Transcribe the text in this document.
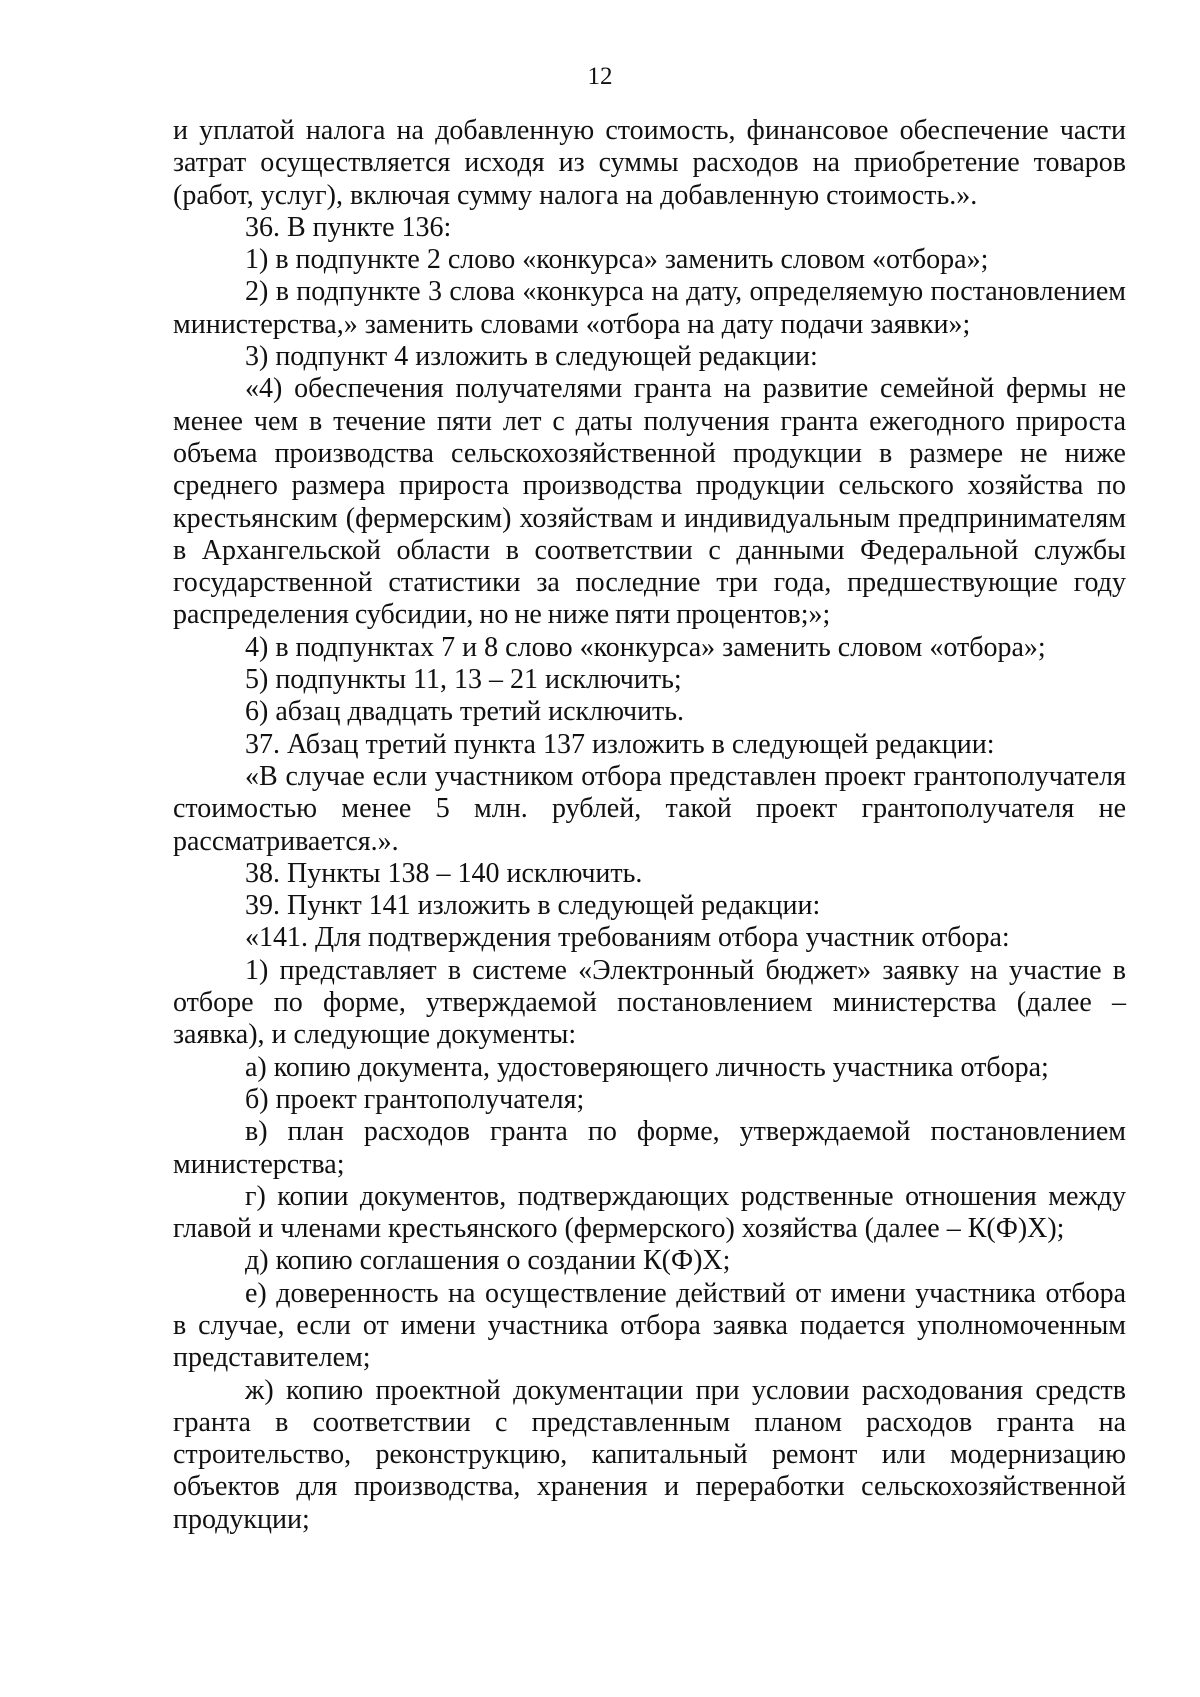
12

и уплатой налога на добавленную стоимость, финансовое обеспечение части затрат осуществляется исходя из суммы расходов на приобретение товаров (работ, услуг), включая сумму налога на добавленную стоимость.».

36. В пункте 136:

1) в подпункте 2 слово «конкурса» заменить словом «отбора»;

2) в подпункте 3 слова «конкурса на дату, определяемую постановлением министерства,» заменить словами «отбора на дату подачи заявки»;

3) подпункт 4 изложить в следующей редакции:

«4) обеспечения получателями гранта на развитие семейной фермы не менее чем в течение пяти лет с даты получения гранта ежегодного прироста объема производства сельскохозяйственной продукции в размере не ниже среднего размера прироста производства продукции сельского хозяйства по крестьянским (фермерским) хозяйствам и индивидуальным предпринимателям в Архангельской области в соответствии с данными Федеральной службы государственной статистики за последние три года, предшествующие году распределения субсидии, но не ниже пяти процентов;»;

4) в подпунктах 7 и 8 слово «конкурса» заменить словом «отбора»;

5) подпункты 11, 13 – 21 исключить;

6) абзац двадцать третий исключить.

37. Абзац третий пункта 137 изложить в следующей редакции:

«В случае если участником отбора представлен проект грантополучателя стоимостью менее 5 млн. рублей, такой проект грантополучателя не рассматривается.».

38. Пункты 138 – 140 исключить.

39. Пункт 141 изложить в следующей редакции:

«141. Для подтверждения требованиям отбора участник отбора:

1) представляет в системе «Электронный бюджет» заявку на участие в отборе по форме, утверждаемой постановлением министерства (далее – заявка), и следующие документы:

а) копию документа, удостоверяющего личность участника отбора;

б) проект грантополучателя;

в) план расходов гранта по форме, утверждаемой постановлением министерства;

г) копии документов, подтверждающих родственные отношения между главой и членами крестьянского (фермерского) хозяйства (далее – К(Ф)Х);

д) копию соглашения о создании К(Ф)Х;

е) доверенность на осуществление действий от имени участника отбора в случае, если от имени участника отбора заявка подается уполномоченным представителем;

ж) копию проектной документации при условии расходования средств гранта в соответствии с представленным планом расходов гранта на строительство, реконструкцию, капитальный ремонт или модернизацию объектов для производства, хранения и переработки сельскохозяйственной продукции;
